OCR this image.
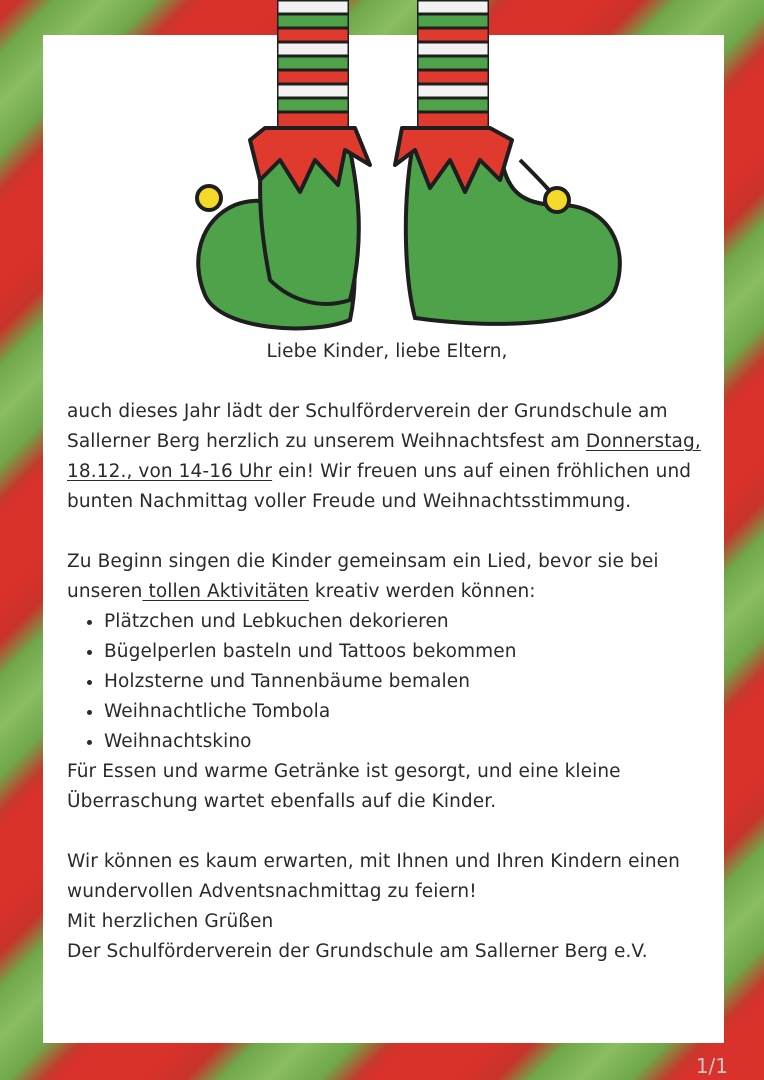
Liebe Kinder, liebe Eltern,
auch dieses Jahr lädt der Schulförderverein der Grundschule am Sallerner Berg herzlich zu unserem Weihnachtsfest am Donnerstag, 18.12., von 14-16 Uhr ein! Wir freuen uns auf einen fröhlichen und bunten Nachmittag voller Freude und Weihnachtsstimmung.
Zu Beginn singen die Kinder gemeinsam ein Lied, bevor sie bei unseren tollen Aktivitäten kreativ werden können:
• Plätzchen und Lebkuchen dekorieren
• Bügelperlen basteln und Tattoos bekommen
• Holzsterne und Tannenbäume bemalen
• Weihnachtliche Tombola
• Weihnachtskino
Für Essen und warme Getränke ist gesorgt, und eine kleine Überraschung wartet ebenfalls auf die Kinder.
Wir können es kaum erwarten, mit Ihnen und Ihren Kindern einen wundervollen Adventsnachmittag zu feiern!
Mit herzlichen Grüßen
Der Schulförderverein der Grundschule am Sallerner Berg e.V.
1/1
